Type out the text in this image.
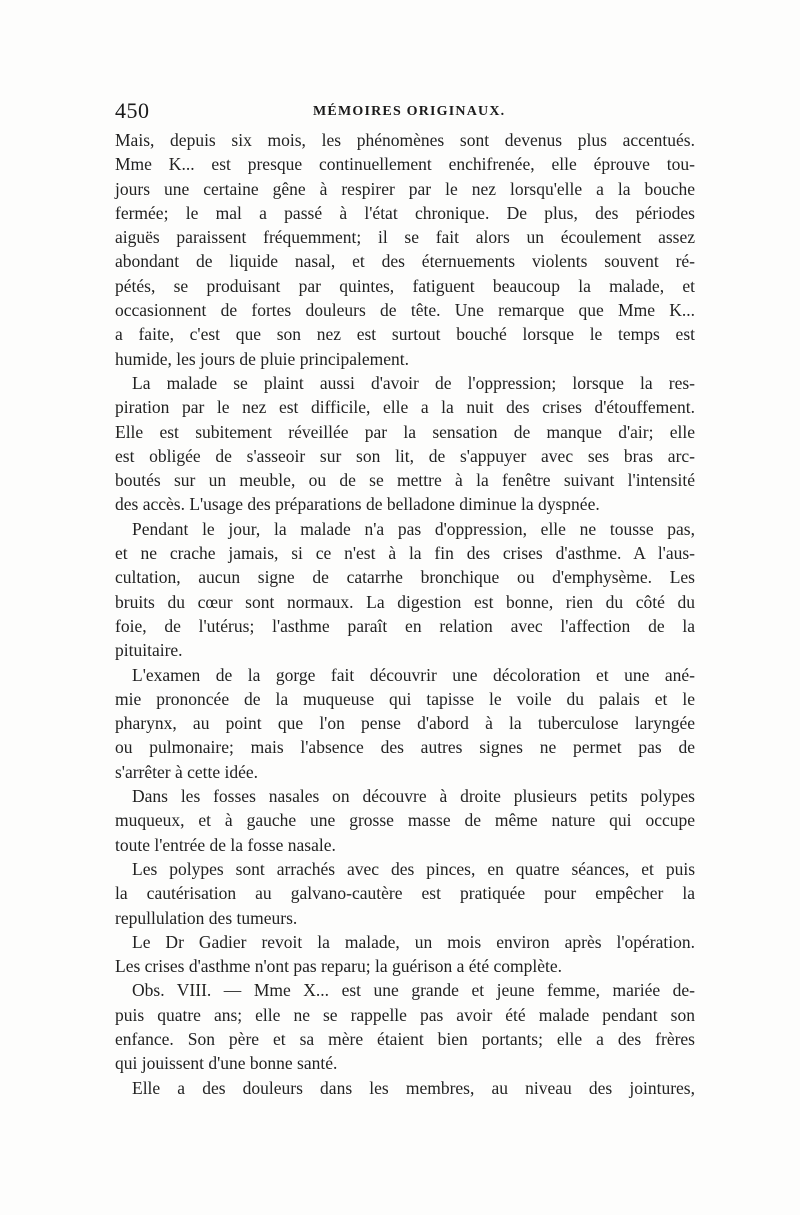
450	MÉMOIRES ORIGINAUX.
Mais, depuis six mois, les phénomènes sont devenus plus accentués.
Mme K... est presque continuellement enchifrenée, elle éprouve tou-
jours une certaine gêne à respirer par le nez lorsqu'elle a la bouche
fermée; le mal a passé à l'état chronique. De plus, des périodes
aiguës paraissent fréquemment; il se fait alors un écoulement assez
abondant de liquide nasal, et des éternuements violents souvent ré-
pétés, se produisant par quintes, fatiguent beaucoup la malade, et
occasionnent de fortes douleurs de tête. Une remarque que Mme K...
a faite, c'est que son nez est surtout bouché lorsque le temps est
humide, les jours de pluie principalement.
La malade se plaint aussi d'avoir de l'oppression; lorsque la res-
piration par le nez est difficile, elle a la nuit des crises d'étouffement.
Elle est subitement réveillée par la sensation de manque d'air; elle
est obligée de s'asseoir sur son lit, de s'appuyer avec ses bras arc-
boutés sur un meuble, ou de se mettre à la fenêtre suivant l'intensité
des accès. L'usage des préparations de belladone diminue la dyspnée.
Pendant le jour, la malade n'a pas d'oppression, elle ne tousse pas,
et ne crache jamais, si ce n'est à la fin des crises d'asthme. A l'aus-
cultation, aucun signe de catarrhe bronchique ou d'emphysème. Les
bruits du cœur sont normaux. La digestion est bonne, rien du côté du
foie, de l'utérus; l'asthme paraît en relation avec l'affection de la
pituitaire.
L'examen de la gorge fait découvrir une décoloration et une ané-
mie prononcée de la muqueuse qui tapisse le voile du palais et le
pharynx, au point que l'on pense d'abord à la tuberculose laryngée
ou pulmonaire; mais l'absence des autres signes ne permet pas de
s'arrêter à cette idée.
Dans les fosses nasales on découvre à droite plusieurs petits polypes
muqueux, et à gauche une grosse masse de même nature qui occupe
toute l'entrée de la fosse nasale.
Les polypes sont arrachés avec des pinces, en quatre séances, et puis
la cautérisation au galvano-cautère est pratiquée pour empêcher la
repullulation des tumeurs.
Le Dr Gadier revoit la malade, un mois environ après l'opération.
Les crises d'asthme n'ont pas reparu; la guérison a été complète.
Obs. VIII. — Mme X... est une grande et jeune femme, mariée de-
puis quatre ans; elle ne se rappelle pas avoir été malade pendant son
enfance. Son père et sa mère étaient bien portants; elle a des frères
qui jouissent d'une bonne santé.
Elle a des douleurs dans les membres, au niveau des jointures,
